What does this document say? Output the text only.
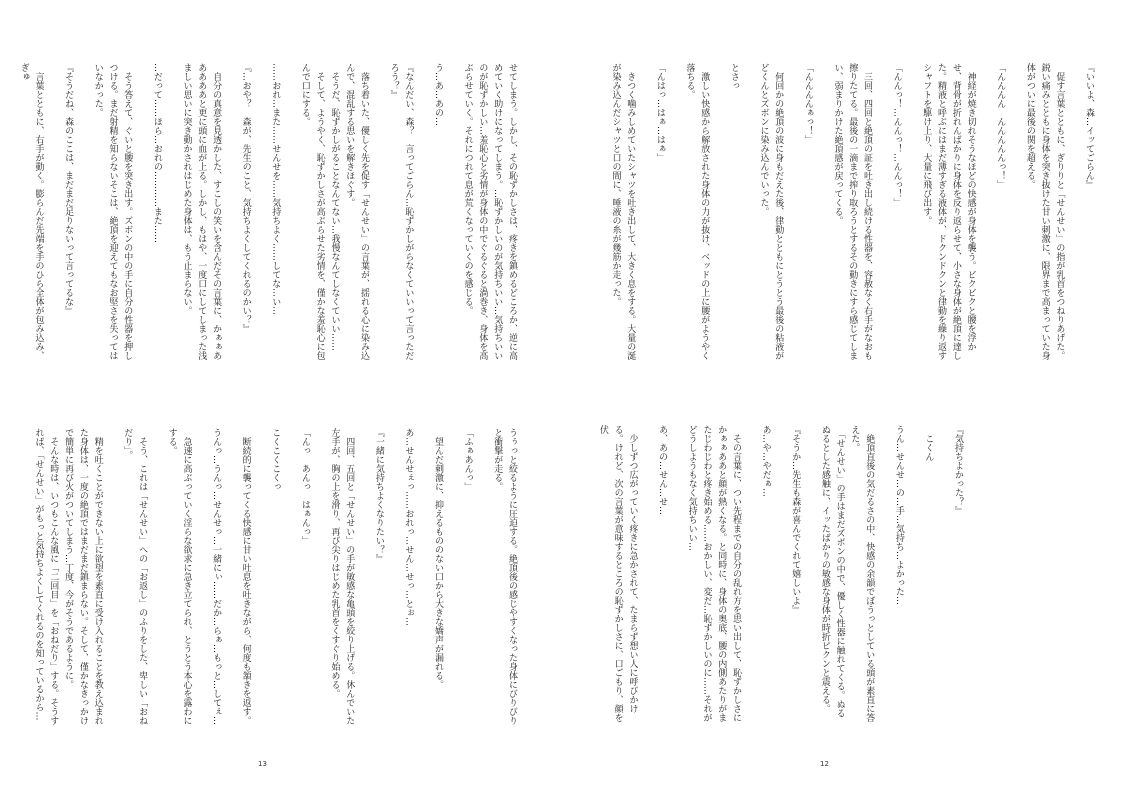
『いいよ、森…イッてごらん』

　促す言葉とともに、ぎりりと「せんせい」の指が乳首をつねりあげた。鋭い痛みとともに身体を突き抜けた甘い刺激に、限界まで高まっていた身体がついに最後の関を超える。

「んんんん　んんんんんっ！」

　神経が焼き切れそうなほどの快感が身体を襲う。ビクビクと腰を浮かせ、背骨が折れんばかりに身体を反り返らせて、小さな身体が絶頂に達した。精液と呼ぶにはまだ薄すぎる液体が、ドクンドクンと律動を繰り返すシャフトを駆け上り、大量に飛び出す。

「んんっ！…んんっ！…んんっ！」

　三回、四回と絶頂の証を吐き出し続ける性器を、容赦なく右手がなおも擦りたてる。最後の一滴まで搾り取ろうとするその動きにすら感じてしまい、弱まりかけた絶頂感が戻ってくる。

「んんんんぁっ！」

　何回かの絶頂の波に身もだえた後、律動とともにとうとう最後の粘液がどくんとズボンに染み込んでいった。

とさっ

　激しい快感から解放された身体の力が抜け、ベッドの上に腰がようやく落ちる。

「んはっ…はぁ…はぁ」

　きつく噛みしめていたシャツを吐き出して、大きく息をする。大量の涎が染み込んだシャツと口の間に、唾液の糸が幾筋か走った。

『気持ちよかった？』

　こくん

うん…せんせ…の…手…気持ち…よかった…

　絶頂直後の気だるさの中、快感の余韻でぼうっとしている頭が素直に答えた。

　「せんせい」の手はまだズボンの中で、優しく性器に触れてくる。ぬるぬるとした感触に、イッたばかりの敏感な身体が時折ピクンと震える。

『そうか…先生も森が喜んでくれて嬉しいよ』

あ…や…やだぁ…

　その言葉に、つい先程までの自分の乱れ方を思い出して、恥ずかしさにかぁぁああと顔が熱くなる。と同時に、身体の奥底、腰の内側あたりがまたじわじわと疼き始める……おかしい、変だ…恥ずかしいのに……それがどうしようもなく気持ちいい…

あ、あの…せん…せ…

　少しずつ広がっていく疼きに急かされて、たまらず想い人に呼びかける。けれど、次の言葉が意味するところの恥ずかしさに、口ごもり、顔を伏

12

せてしまう。しかし、その恥ずかしさは、疼きを鎮めるどころか、逆に高めていく助けになってしまう。…恥ずかしいのが気持ちいい…気持ちいいのが恥ずかしい…羞恥心と劣情が身体の中でぐるぐると渦巻き、身体を高ぶらせていく。それにつれて息が荒くなっていくのを感じる。

う…あ…あの…

『なんだい、森？　言ってごらん…恥ずかしがらなくていいって言っただろう？』

　落ち着いた、優しく先を促す「せんせい」の言葉が、揺れる心に染み込んで、混乱する思いを解きほぐす。

　そうだ、恥ずかしがることなんてない…我慢なんてしなくていい……

　そして、ようやく、恥ずかしさが高ぶらせた劣情を、僅かな羞恥心に包んで口にする。

……おれ…また……せんせを……気持ちよく……してな…い…

『…おや？　森が、先生のこと、気持ちよくしてくれるのかい？』

　自分の真意を見透かした、すこしの笑いを含んだその言葉に、かぁぁあああああと更に頭に血が上る。しかし、もはや、一度口にしてしまった浅ましい思いに突き動かされはじめた身体は、もう止まらない。

…だって……ほら…おれの…………また……

　そう答えて、ぐいと腰を突き出す。ズボンの中の手に自分の性器を押しつける。まだ射精を知らないそこは、絶頂を迎えてもなお堅さを失ってはいなかった。

『そうだね、森のここは、まだまだ足りないって言ってるな』

　言葉とともに、右手が動く。膨らんだ先端を手のひら全体が包み込み、ぎゅ

うぅっと絞るように圧迫する。絶頂後の感じやすくなった身体にびりびりと衝撃が走る。

「ふぁあんっ」

　望んだ刺激に、抑えるもののない口から大きな嬌声が漏れる。

あ…せんせぇっ……おれっ…せん…せっ…とぉ…

『一緒に気持ちよくなりたい？』

　四回、五回と「せんせい」の手が敏感な亀頭を絞り上げる。休んでいた左手が、胸の上を滑り、再び尖りはじめた乳首をくすぐり始める。

「んっ　あんっ　はぁんっ」

こくこくこくっ

　断続的に襲ってくる快感に甘い吐息を吐きながら、何度も頷きを返す。

うんっ…うんっ…せんせっ…一緒にぃ……だか…らぁ…もっと…してぇ…

　急速に高ぶっていく淫らな欲求に急き立てられ、とうとう本心を露わにする。

　そう、これは「せんせい」への「お返し」のふりをした、卑しい「おねだり」。

　精を吐くことができない上に欲望を素直に受け入れることを教え込まれた身体は、一度の絶頂ではまだまだ鎮まらない。そして、僅かなきっかけで簡単に再び火がついてしまう…丁度、今がそうであるように。

　そんな時は、いつもこんな風に「二回目」を「おねだり」する。そうすれば、「せんせい」がもっと気持ちよくしてくれるのを知っているから…

13
